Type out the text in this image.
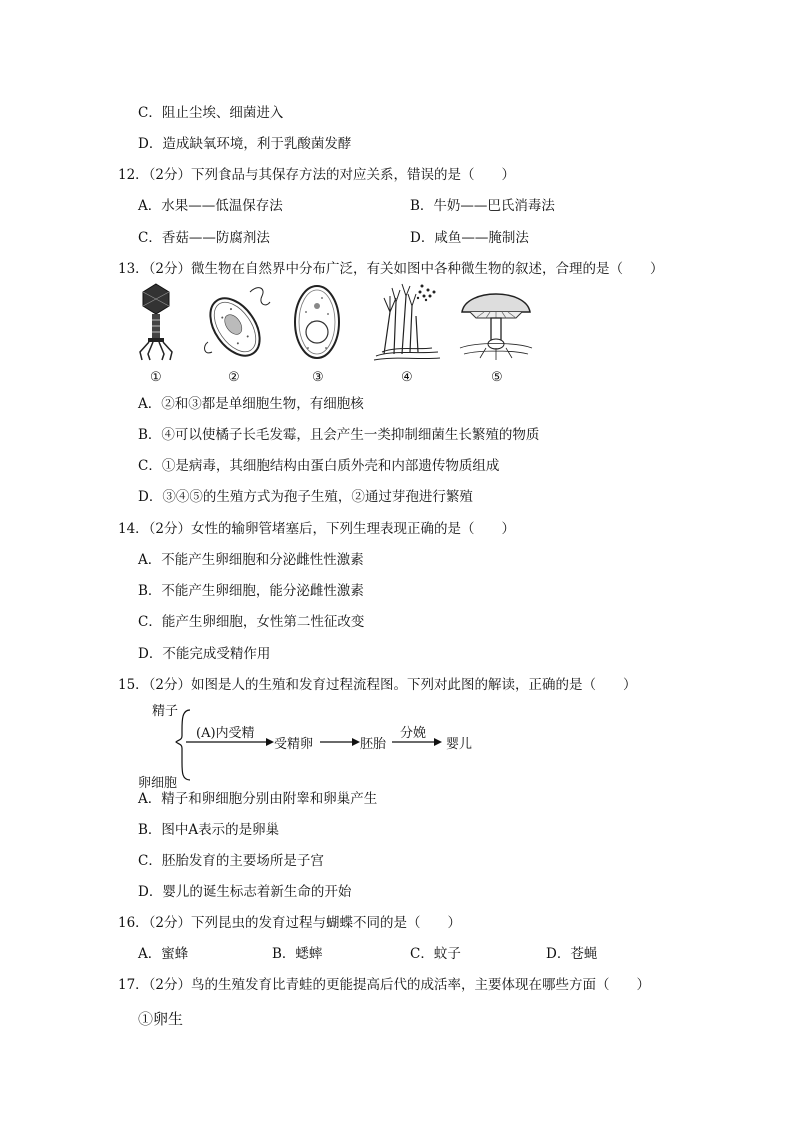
C．阻止尘埃、细菌进入
D．造成缺氧环境，利于乳酸菌发酵
12．（2分）下列食品与其保存方法的对应关系，错误的是（　　）
A．水果——低温保存法	B．牛奶——巴氏消毒法
C．香菇——防腐剂法	D．咸鱼——腌制法
13．（2分）微生物在自然界中分布广泛，有关如图中各种微生物的叙述，合理的是（　　）
①	②	③	④	⑤
A．②和③都是单细胞生物，有细胞核
B．④可以使橘子长毛发霉，且会产生一类抑制细菌生长繁殖的物质
C．①是病毒，其细胞结构由蛋白质外壳和内部遗传物质组成
D．③④⑤的生殖方式为孢子生殖，②通过芽孢进行繁殖
14．（2分）女性的输卵管堵塞后，下列生理表现正确的是（　　）
A．不能产生卵细胞和分泌雌性性激素
B．不能产生卵细胞，能分泌雌性激素
C．能产生卵细胞，女性第二性征改变
D．不能完成受精作用
15．（2分）如图是人的生殖和发育过程流程图。下列对此图的解读，正确的是（　　）
精子
卵细胞
(A)内受精
受精卵	胚胎
分娩
婴儿
A．精子和卵细胞分别由附睾和卵巢产生
B．图中A表示的是卵巢
C．胚胎发育的主要场所是子宫
D．婴儿的诞生标志着新生命的开始
16．（2分）下列昆虫的发育过程与蝴蝶不同的是（　　）
A．蜜蜂	B．蟋蟀	C．蚊子	D．苍蝇
17．（2分）鸟的生殖发育比青蛙的更能提高后代的成活率，主要体现在哪些方面（　　）
①卵生
